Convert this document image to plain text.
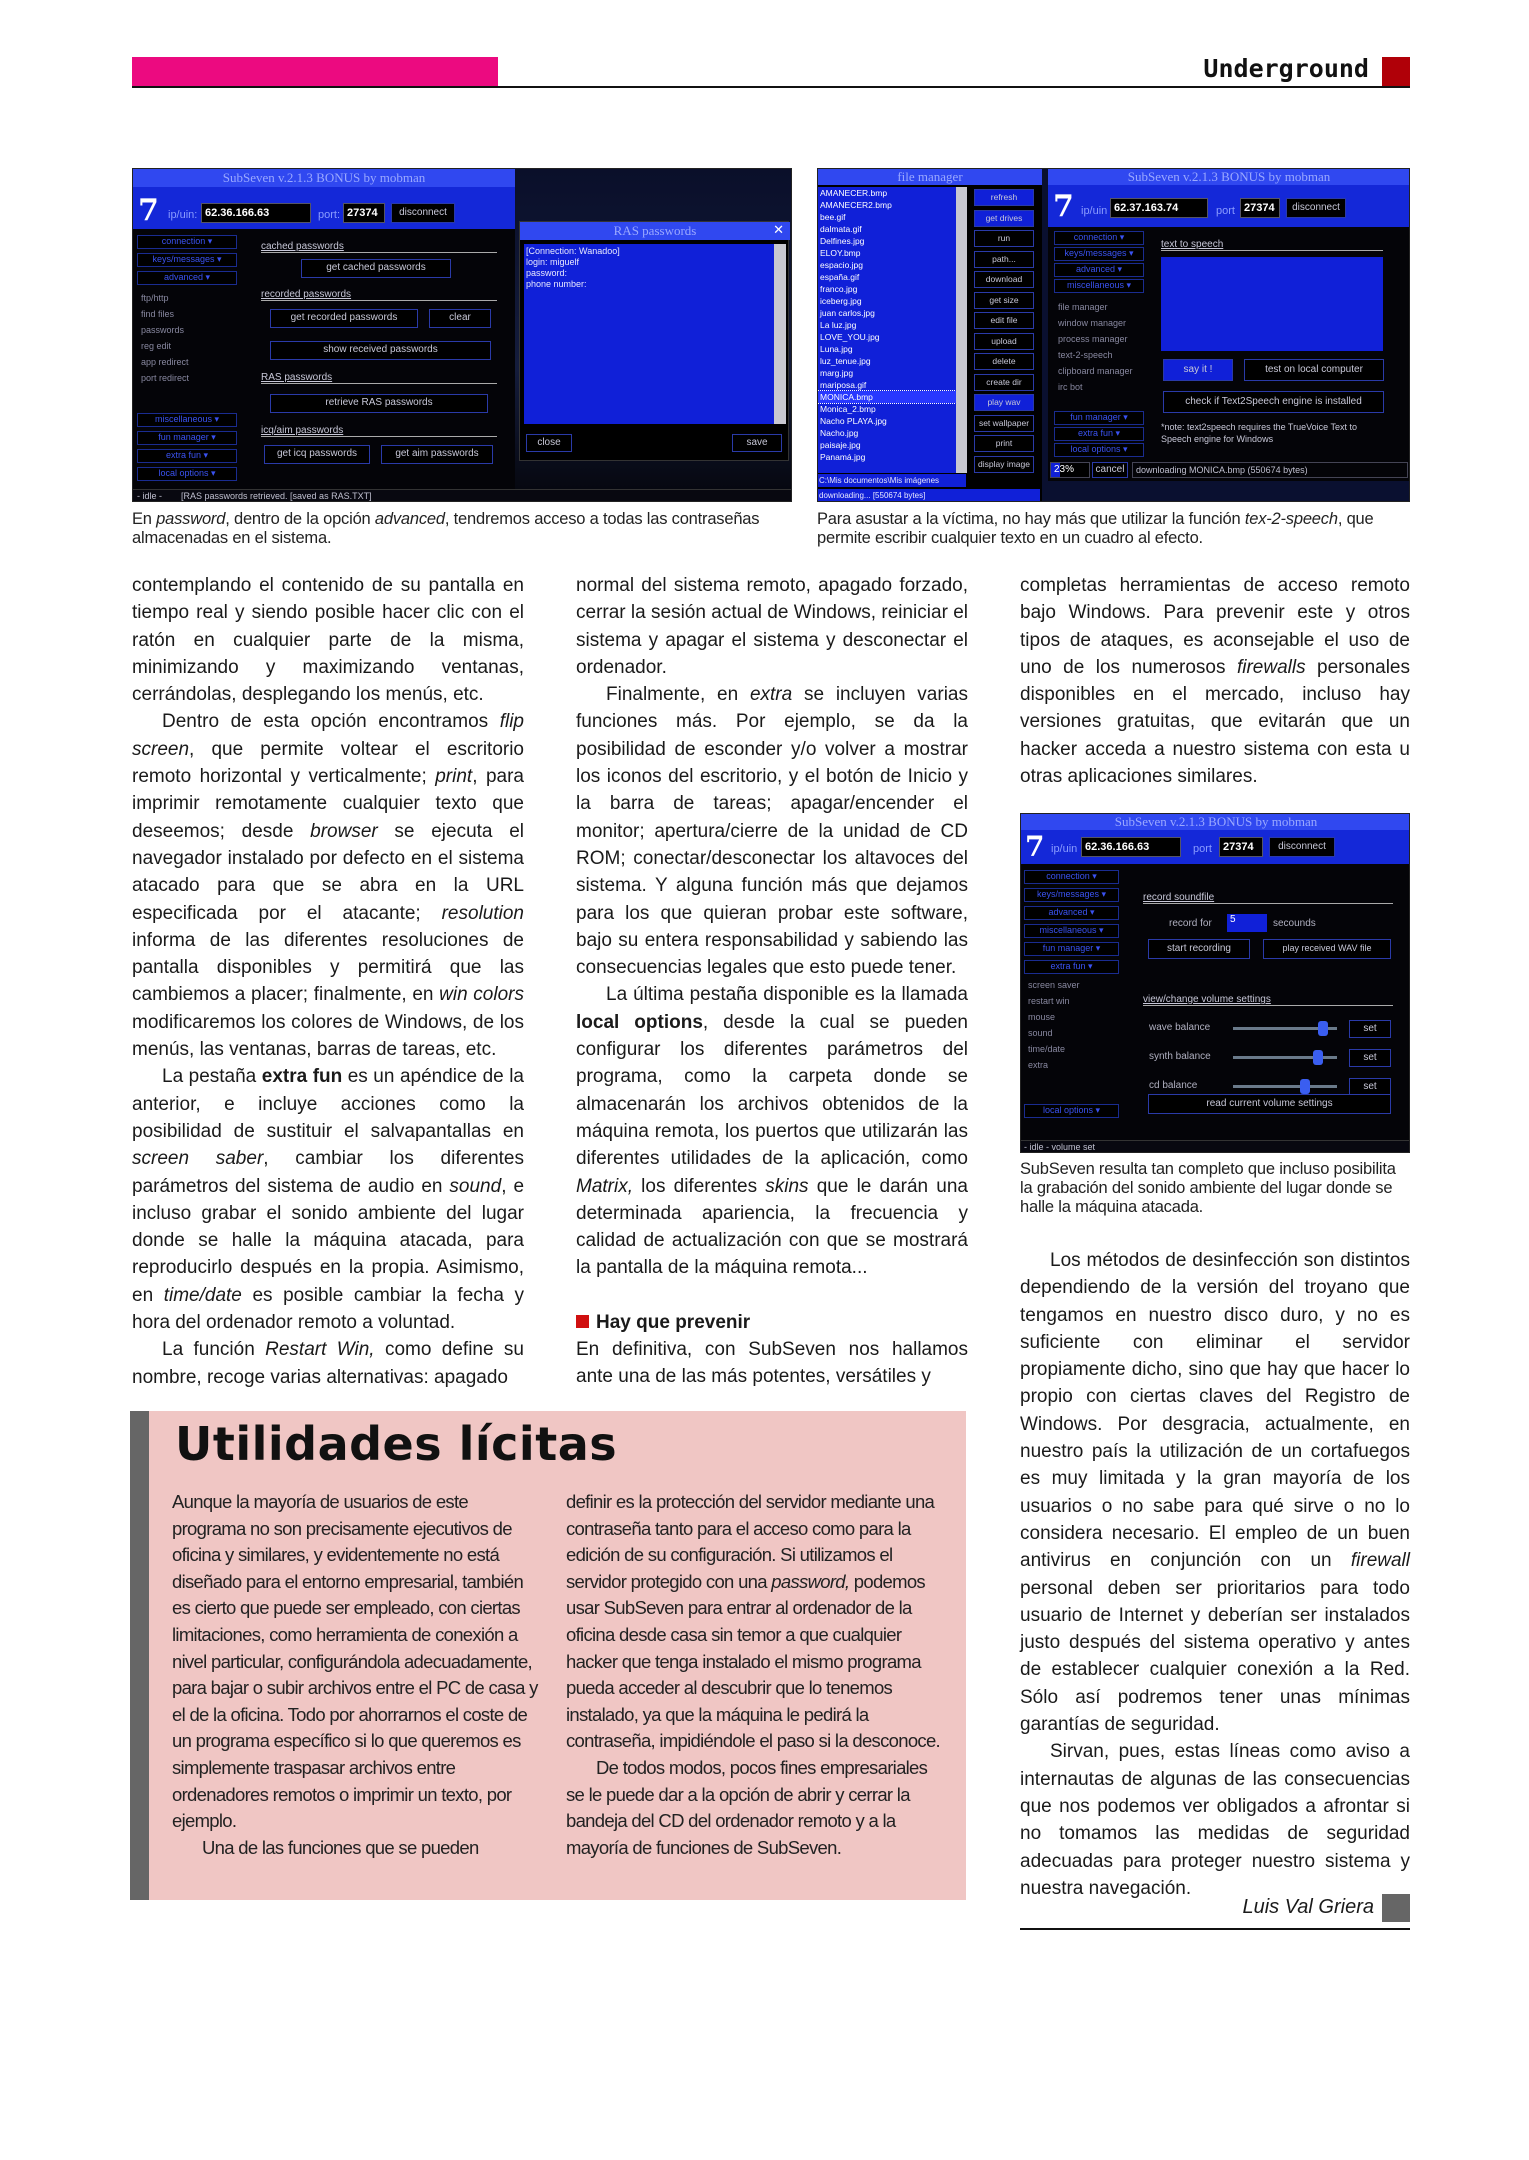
Underground
SubSeven v.2.1.3 BONUS by mobman
7 ip/uin: 62.36.166.63	port: 27374	disconnect
connection ▾
keys/messages ▾
advanced ▾
ftp/http
find files
passwords
reg edit
app redirect
port redirect
miscellaneous ▾
fun manager ▾
extra fun ▾
local options ▾
cached passwords
recorded passwords
RAS passwords
icq/aim passwords
get cached passwords
get recorded passwords	clear
show received passwords
retrieve RAS passwords
get icq passwords	get aim passwords
- idle - [RAS passwords retrieved. [saved as RAS.TXT]
RAS passwords	✕
[Connection: Wanadoo]
login: miguelf
password:
phone number:
close	save
En password, dentro de la opción advanced, tendremos acceso a todas las contraseñas almacenadas en el sistema.
file manager
AMANECER.bmp
AMANECER2.bmp
bee.gif
dalmata.gif
Delfines.jpg
ELOY.bmp
espacio.jpg
españa.gif
franco.jpg
iceberg.jpg
juan carlos.jpg
La luz.jpg
LOVE_YOU.jpg
Luna.jpg
luz_tenue.jpg
marg.jpg
mariposa.gif
MONICA.bmp
Monica_2.bmp
Nacho PLAYA.jpg
Nacho.jpg
paisaje.jpg
Panamá.jpg
refresh
get drives
run
path...
download
get size
edit file
upload
delete
create dir
play wav
set wallpaper
print
display image
C:\Mis documentos\Mis imágenes
downloading... [550674 bytes]
SubSeven v.2.1.3 BONUS by mobman
7 ip/uin 62.37.163.74	port 27374	disconnect
connection ▾
keys/messages ▾
advanced ▾
miscellaneous ▾
file manager
window manager
process manager
text-2-speech
clipboard manager
irc bot
fun manager ▾
extra fun ▾
local options ▾
text to speech
say it !	test on local computer
check if Text2Speech engine is installed
*note: text2speech requires the TrueVoice Text to Speech engine for Windows
23%	cancel	downloading MONICA.bmp (550674 bytes)
Para asustar a la víctima, no hay más que utilizar la función tex-2-speech, que permite escribir cualquier texto en un cuadro al efecto.

contemplando el contenido de su pantalla en tiempo real y siendo posible hacer clic con el ratón en cualquier parte de la misma, minimizando y maximizando ventanas, cerrándolas, desplegando los menús, etc.

Dentro de esta opción encontramos flip screen, que permite voltear el escritorio remoto horizontal y verticalmente; print, para imprimir remotamente cualquier texto que deseemos; desde browser se ejecuta el navegador instalado por defecto en el sistema atacado para que se abra en la URL especificada por el atacante; resolution informa de las diferentes resoluciones de pantalla disponibles y permitirá que las cambiemos a placer; finalmente, en win colors modificaremos los colores de Windows, de los menús, las ventanas, barras de tareas, etc.

La pestaña extra fun es un apéndice de la anterior, e incluye acciones como la posibilidad de sustituir el salvapantallas en screen saber, cambiar los diferentes parámetros del sistema de audio en sound, e incluso grabar el sonido ambiente del lugar donde se halle la máquina atacada, para reproducirlo después en la propia. Asimismo, en time/date es posible cambiar la fecha y hora del ordenador remoto a voluntad.

La función Restart Win, como define su nombre, recoge varias alternativas: apagado

normal del sistema remoto, apagado forzado, cerrar la sesión actual de Windows, reiniciar el sistema y apagar el sistema y desconectar el ordenador.

Finalmente, en extra se incluyen varias funciones más. Por ejemplo, se da la posibilidad de esconder y/o volver a mostrar los iconos del escritorio, y el botón de Inicio y la barra de tareas; apagar/encender el monitor; apertura/cierre de la unidad de CD ROM; conectar/desconectar los altavoces del sistema. Y alguna función más que dejamos para los que quieran probar este software, bajo su entera responsabilidad y sabiendo las consecuencias legales que esto puede tener.

La última pestaña disponible es la llamada local options, desde la cual se pueden configurar los diferentes parámetros del programa, como la carpeta donde se almacenarán los archivos obtenidos de la máquina remota, los puertos que utilizarán las diferentes utilidades de la aplicación, como Matrix, los diferentes skins que le darán una determinada apariencia, la frecuencia y calidad de actualización con que se mostrará la pantalla de la máquina remota...

Hay que prevenir

En definitiva, con SubSeven nos hallamos ante una de las más potentes, versátiles y

completas herramientas de acceso remoto bajo Windows. Para prevenir este y otros tipos de ataques, es aconsejable el uso de uno de los numerosos firewalls personales disponibles en el mercado, incluso hay versiones gratuitas, que evitarán que un hacker acceda a nuestro sistema con esta u otras aplicaciones similares.

SubSeven v.2.1.3 BONUS by mobman
7 ip/uin 62.36.166.63	port	27374	disconnect
connection ▾
keys/messages ▾
advanced ▾
miscellaneous ▾
fun manager ▾
extra fun ▾
screen saver
restart win
mouse
sound
time/date
extra
local options ▾
record soundfile
record for	5	secounds
start recording	play received WAV file
view/change volume settings
wave balance	set
synth balance	set
cd balance	set
read current volume settings
- idle - volume set
SubSeven resulta tan completo que incluso posibilita la grabación del sonido ambiente del lugar donde se halle la máquina atacada.

Los métodos de desinfección son distintos dependiendo de la versión del troyano que tengamos en nuestro disco duro, y no es suficiente con eliminar el servidor propiamente dicho, sino que hay que hacer lo propio con ciertas claves del Registro de Windows. Por desgracia, actualmente, en nuestro país la utilización de un cortafuegos es muy limitada y la gran mayoría de los usuarios o no sabe para qué sirve o no lo considera necesario. El empleo de un buen antivirus en conjunción con un firewall personal deben ser prioritarios para todo usuario de Internet y deberían ser instalados justo después del sistema operativo y antes de establecer cualquier conexión a la Red. Sólo así podremos tener unas mínimas garantías de seguridad.

Sirvan, pues, estas líneas como aviso a internautas de algunas de las consecuencias que nos podemos ver obligados a afrontar si no tomamos las medidas de seguridad adecuadas para proteger nuestro sistema y nuestra navegación.

Luis Val Griera
Utilidades lícitas

Aunque la mayoría de usuarios de este programa no son precisamente ejecutivos de oficina y similares, y evidentemente no está diseñado para el entorno empresarial, también es cierto que puede ser empleado, con ciertas limitaciones, como herramienta de conexión a nivel particular, configurándola adecuadamente, para bajar o subir archivos entre el PC de casa y el de la oficina. Todo por ahorrarnos el coste de un programa específico si lo que queremos es simplemente traspasar archivos entre ordenadores remotos o imprimir un texto, por ejemplo.

Una de las funciones que se pueden

definir es la protección del servidor mediante una contraseña tanto para el acceso como para la edición de su configuración. Si utilizamos el servidor protegido con una password, podemos usar SubSeven para entrar al ordenador de la oficina desde casa sin temor a que cualquier hacker que tenga instalado el mismo programa pueda acceder al descubrir que lo tenemos instalado, ya que la máquina le pedirá la contraseña, impidiéndole el paso si la desconoce.

De todos modos, pocos fines empresariales se le puede dar a la opción de abrir y cerrar la bandeja del CD del ordenador remoto y a la mayoría de funciones de SubSeven.
